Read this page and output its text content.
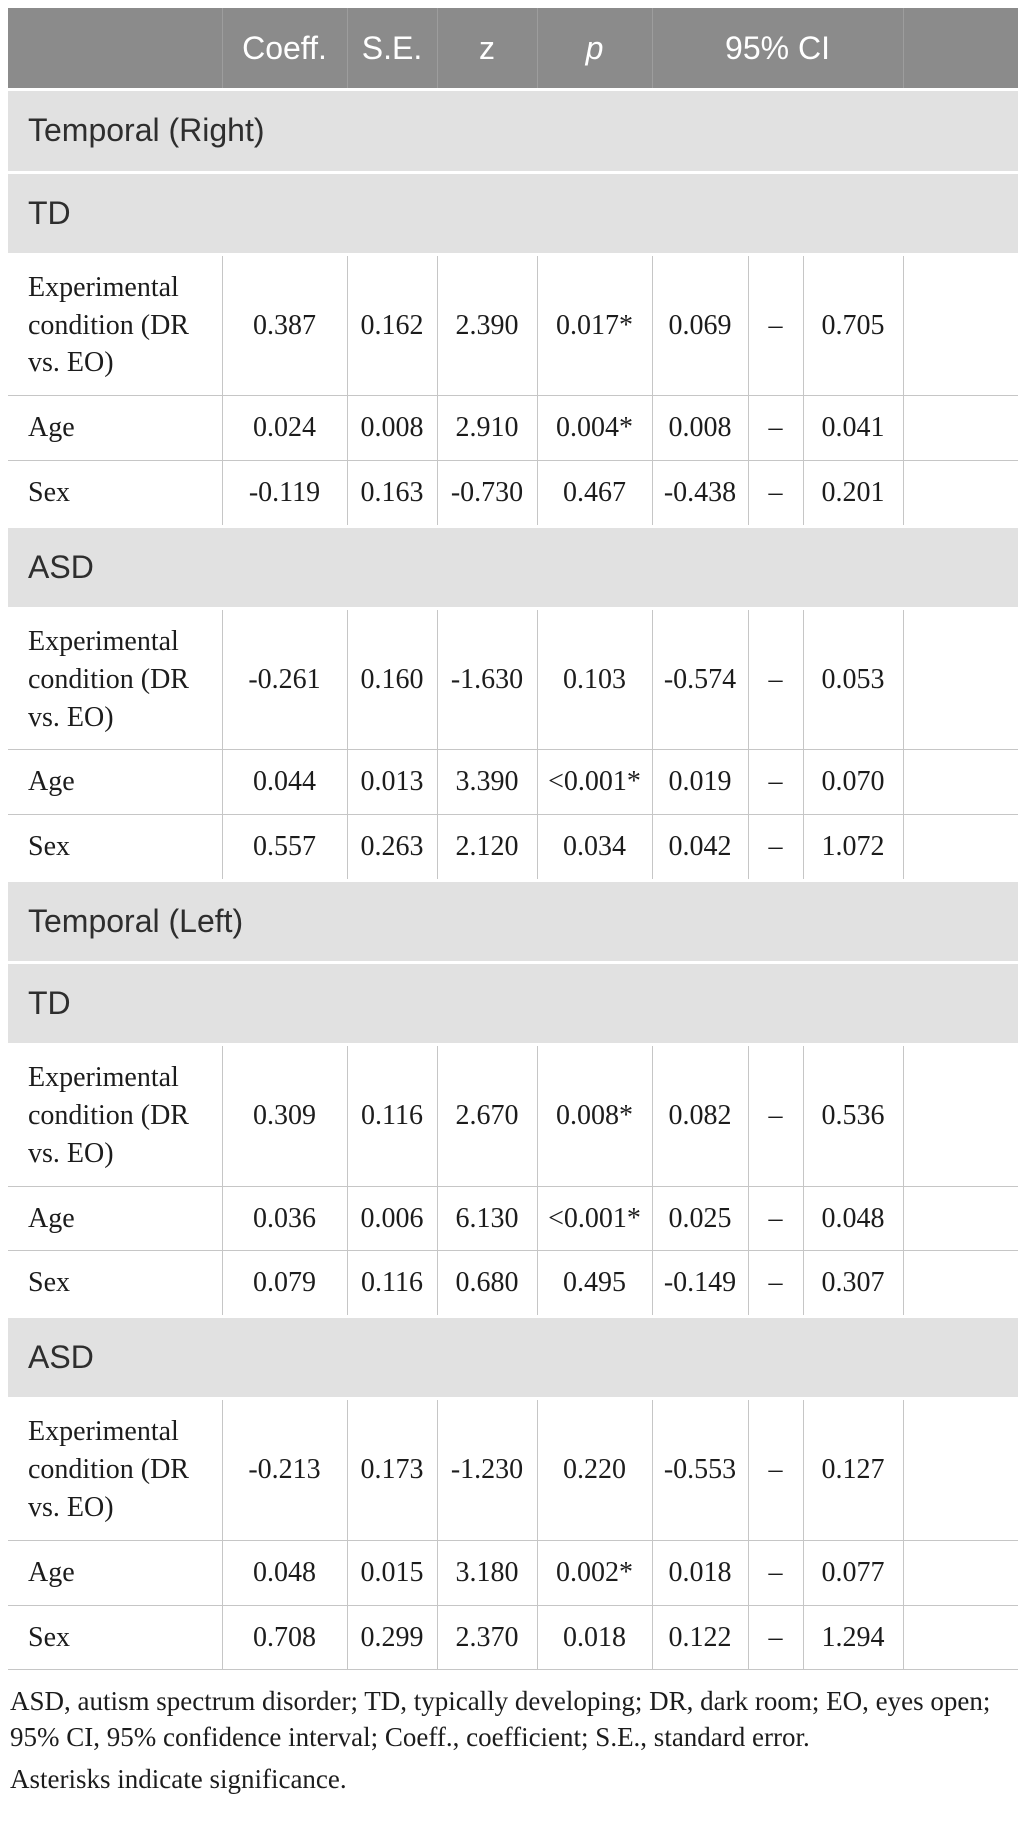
	Coeff.	S.E.	z	p	95% CI			
Temporal (Right)								
TD								
Experimental condition (DR vs. EO)	0.387	0.162	2.390	0.017*	0.069	–	0.705	
Age	0.024	0.008	2.910	0.004*	0.008	–	0.041	
Sex	-0.119	0.163	-0.730	0.467	-0.438	–	0.201	
ASD								
Experimental condition (DR vs. EO)	-0.261	0.160	-1.630	0.103	-0.574	–	0.053	
Age	0.044	0.013	3.390	<0.001*	0.019	–	0.070	
Sex	0.557	0.263	2.120	0.034	0.042	–	1.072	
Temporal (Left)								
TD								
Experimental condition (DR vs. EO)	0.309	0.116	2.670	0.008*	0.082	–	0.536	
Age	0.036	0.006	6.130	<0.001*	0.025	–	0.048	
Sex	0.079	0.116	0.680	0.495	-0.149	–	0.307	
ASD								
Experimental condition (DR vs. EO)	-0.213	0.173	-1.230	0.220	-0.553	–	0.127	
Age	0.048	0.015	3.180	0.002*	0.018	–	0.077	
Sex	0.708	0.299	2.370	0.018	0.122	–	1.294	

ASD, autism spectrum disorder; TD, typically developing; DR, dark room; EO, eyes open; 95% CI, 95% confidence interval; Coeff., coefficient; S.E., standard error.

Asterisks indicate significance.
